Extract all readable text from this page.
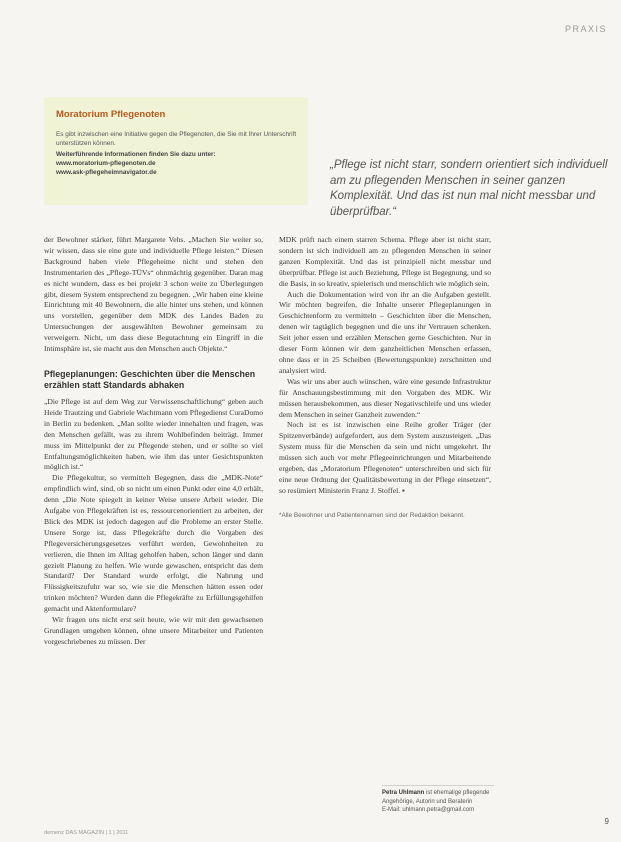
PRAXIS
Moratorium Pflegenoten
Es gibt inzwischen eine Initiative gegen die Pflegenoten, die Sie mit Ihrer Unterschrift unterstützen können.
Weiterführende Informationen finden Sie dazu unter:
www.moratorium-pflegenoten.de
www.ask-pflegeheimnavigator.de
„Pflege ist nicht starr, sondern orientiert sich individuell am zu pflegenden Menschen in seiner ganzen Komplexität. Und das ist nun mal nicht messbar und überprüfbar.“

der Bewohner stärker, führt Margarete Vehs. „Machen Sie weiter so, wir wissen, dass sie eine gute und individuelle Pflege leisten.“ Diesen Background haben viele Pflegeheime nicht und stehen den Instrumentarien des „Pflege-TÜVs“ ohnmächtig gegenüber. Daran mag es nicht wundern, dass es bei projekt 3 schon weite zu Überlegungen gibt, diesem System entsprechend zu begegnen. „Wir haben eine kleine Einrichtung mit 40 Bewohnern, die alle hinter uns stehen, und können uns vorstellen, gegenüber dem MDK des Landes Baden zu Untersuchungen der ausgewählten Bewohner gemeinsam zu verweigern. Nicht, um dass diese Begutachtung ein Eingriff in die Intimsphäre ist, sie macht aus den Menschen auch Objekte.“

Pflegeplanungen: Geschichten über die Menschen erzählen statt Standards abhaken

„Die Pflege ist auf dem Weg zur Verwissenschaftlichung“ geben auch Heide Trautzing und Gabriele Wachtmann vom Pflegedienst CuraDomo in Berlin zu bedenken. „Man sollte wieder innehalten und fragen, was den Menschen gefällt, was zu ihrem Wohlbefinden beiträgt. Immer muss im Mittelpunkt der zu Pflegende stehen, und er sollte so viel Entfaltungsmöglichkeiten haben, wie ihm das unter Gesichtspunkten möglich ist.“

Die Pflegekultur, so vermittelt Begegnen, dass die „MDK-Note“ empfindlich wird, sind, ob so nicht um einen Punkt oder eine 4,0 erhält, denn „Die Note spiegelt in keiner Weise unsere Arbeit wieder. Die Aufgabe von Pflegekräften ist es, ressourcenorientiert zu arbeiten, der Blick des MDK ist jedoch dagegen auf die Probleme an erster Stelle. Unsere Sorge ist, dass Pflegekräfte durch die Vorgaben des Pflegeversicherungsgesetzes verführt werden, Gewohnheiten zu verlieren, die Ihnen im Alltag geholfen haben, schon länger und dann gezielt Planung zu helfen. Wie wurde gewaschen, entspricht das dem Standard? Der Standard wurde erfolgt, die Nahrung und Flüssigkeitszufuhr war so, wie sie die Menschen hätten essen oder trinken möchten? Wurden dann die Pflegekräfte zu Erfüllungsgehilfen gemacht und Aktenformulare?

Wir fragen uns nicht erst seit heute, wie wir mit den gewachsenen Grundlagen umgehen können, ohne unsere Mitarbeiter und Patienten vorgeschriebenes zu müssen. Der

MDK prüft nach einem starren Schema. Pflege aber ist nicht starr, sondern ist sich individuell am zu pflegenden Menschen in seiner ganzen Komplexität. Und das ist prinzipiell nicht messbar und überprüfbar. Pflege ist auch Beziehung, Pflege ist Begegnung, und so die Basis, in so kreativ, spielerisch und menschlich wie möglich sein.

Auch die Dokumentation wird von ihr an die Aufgaben gestellt. Wir möchten begreifen, die Inhalte unserer Pflegeplanungen in Geschichtenform zu vermitteln – Geschichten über die Menschen, denen wir tagtäglich begegnen und die uns ihr Vertrauen schenken. Seit jeher essen und erzählen Menschen gerne Geschichten. Nur in dieser Form können wir dem ganzheitlichen Menschen erfassen, ohne dass er in 25 Scheiben (Bewertungspunkte) zerschnitten und analysiert wird.

Was wir uns aber auch wünschen, wäre eine gesunde Infrastruktur für Anschauungsbestimmung mit den Vorgaben des MDK. Wir müssen herausbekommen, aus dieser Negativschleife und uns wieder dem Menschen in seiner Ganzheit zuwenden.“

Noch ist es ist inzwischen eine Reihe großer Träger (der Spitzenverbände) aufgefordert, aus dem System auszusteigen. „Das System muss für die Menschen da sein und nicht umgekehrt. Ihr müssen sich auch vor mehr Pflegeeinrichtungen und Mitarbeitende ergeben, das „Moratorium Pflegenoten“ unterschreiben und sich für eine neue Ordnung der Qualitätsbewertung in der Pflege einsetzen“, so resümiert Ministerin Franz J. Stoffel. ▪

*Alle Bewohner und Patientennamen sind der Redaktion bekannt.
Petra Uhlmann ist ehemalige pflegende Angehörige, Autorin und Beraterin
E-Mail: uhlmann.petra@gmail.com
demenz DAS MAGAZIN | 1 | 2011
9
